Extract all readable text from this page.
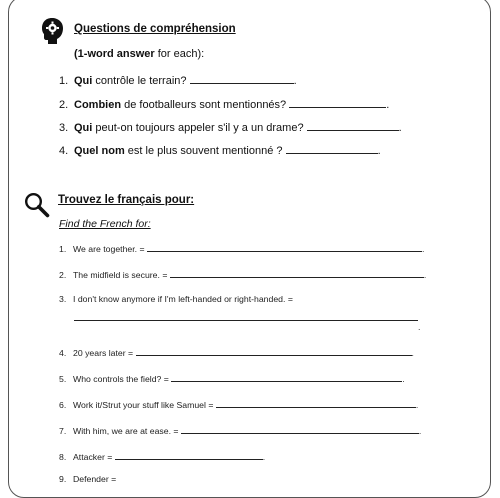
Questions de compréhension
(1-word answer for each):
1. Qui contrôle le terrain?	.
2. Combien de footballeurs sont mentionnés?	.
3. Qui peut-on toujours appeler s'il y a un drame?	.
4. Quel nom est le plus souvent mentionné ?	.
Trouvez le français pour:
Find the French for:
1. We are together. =	.
2. The midfield is secure. =	.
3. I don't know anymore if I'm left-handed or right-handed. =
.
4. 20 years later =	.
5. Who controls the field? =	.
6. Work it/Strut your stuff like Samuel =	.
7. With him, we are at ease. =	.
8. Attacker =	.
9. Defender =
